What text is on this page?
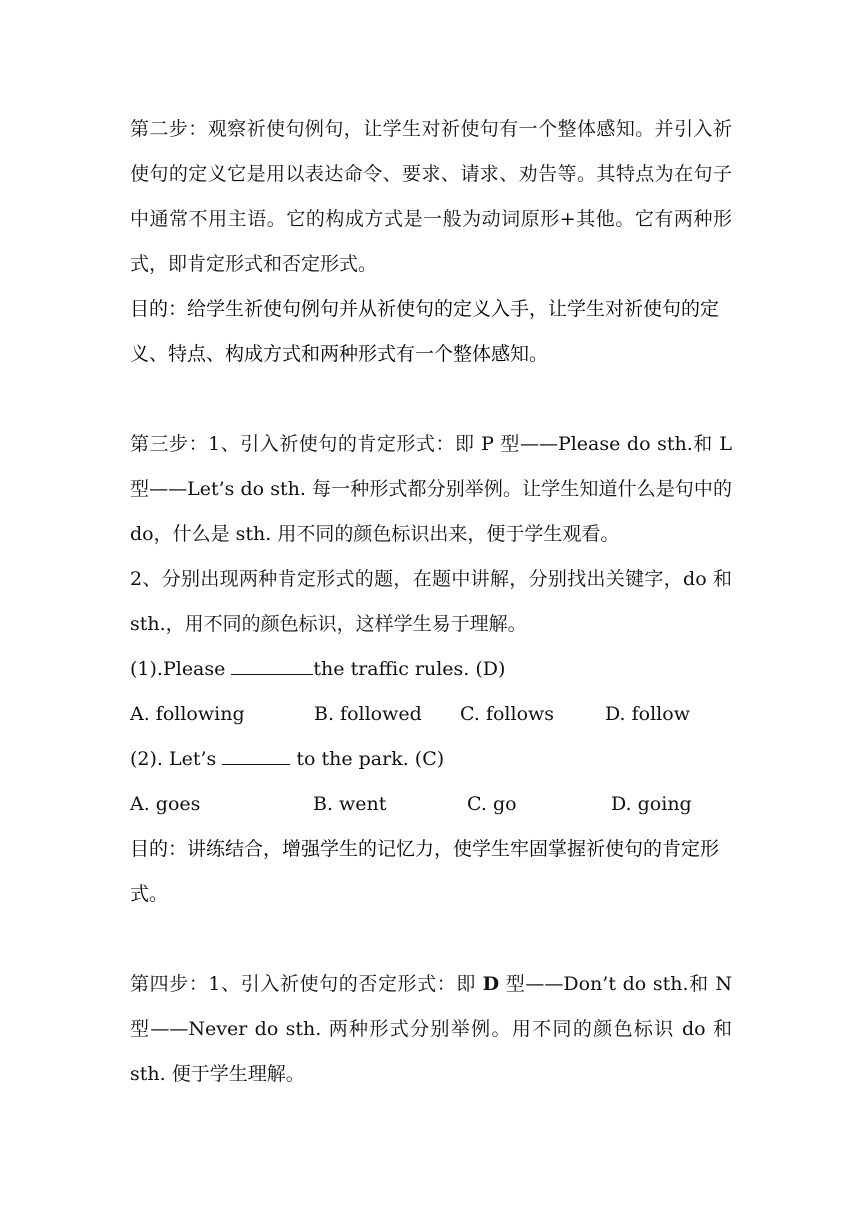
第二步：观察祈使句例句，让学生对祈使句有一个整体感知。并引入祈使句的定义它是用以表达命令、要求、请求、劝告等。其特点为在句子中通常不用主语。它的构成方式是一般为动词原形+其他。它有两种形式，即肯定形式和否定形式。

目的：给学生祈使句例句并从祈使句的定义入手，让学生对祈使句的定义、特点、构成方式和两种形式有一个整体感知。

第三步：1、引入祈使句的肯定形式：即 P 型——Please do sth.和 L 型——Let’s do sth. 每一种形式都分别举例。让学生知道什么是句中的 do，什么是 sth. 用不同的颜色标识出来，便于学生观看。

2、分别出现两种肯定形式的题，在题中讲解，分别找出关键字，do 和 sth.，用不同的颜色标识，这样学生易于理解。

(1).Please	the traffic rules. (D)

A. following	B. followed C. follows	D. follow

(2). Let’s	to the park. (C)

A. goes	B. went	C. go	D. going

目的：讲练结合，增强学生的记忆力，使学生牢固掌握祈使句的肯定形式。

第四步：1、引入祈使句的否定形式：即 D 型——Don’t do sth.和 N 型——Never do sth. 两种形式分别举例。用不同的颜色标识 do 和 sth. 便于学生理解。
